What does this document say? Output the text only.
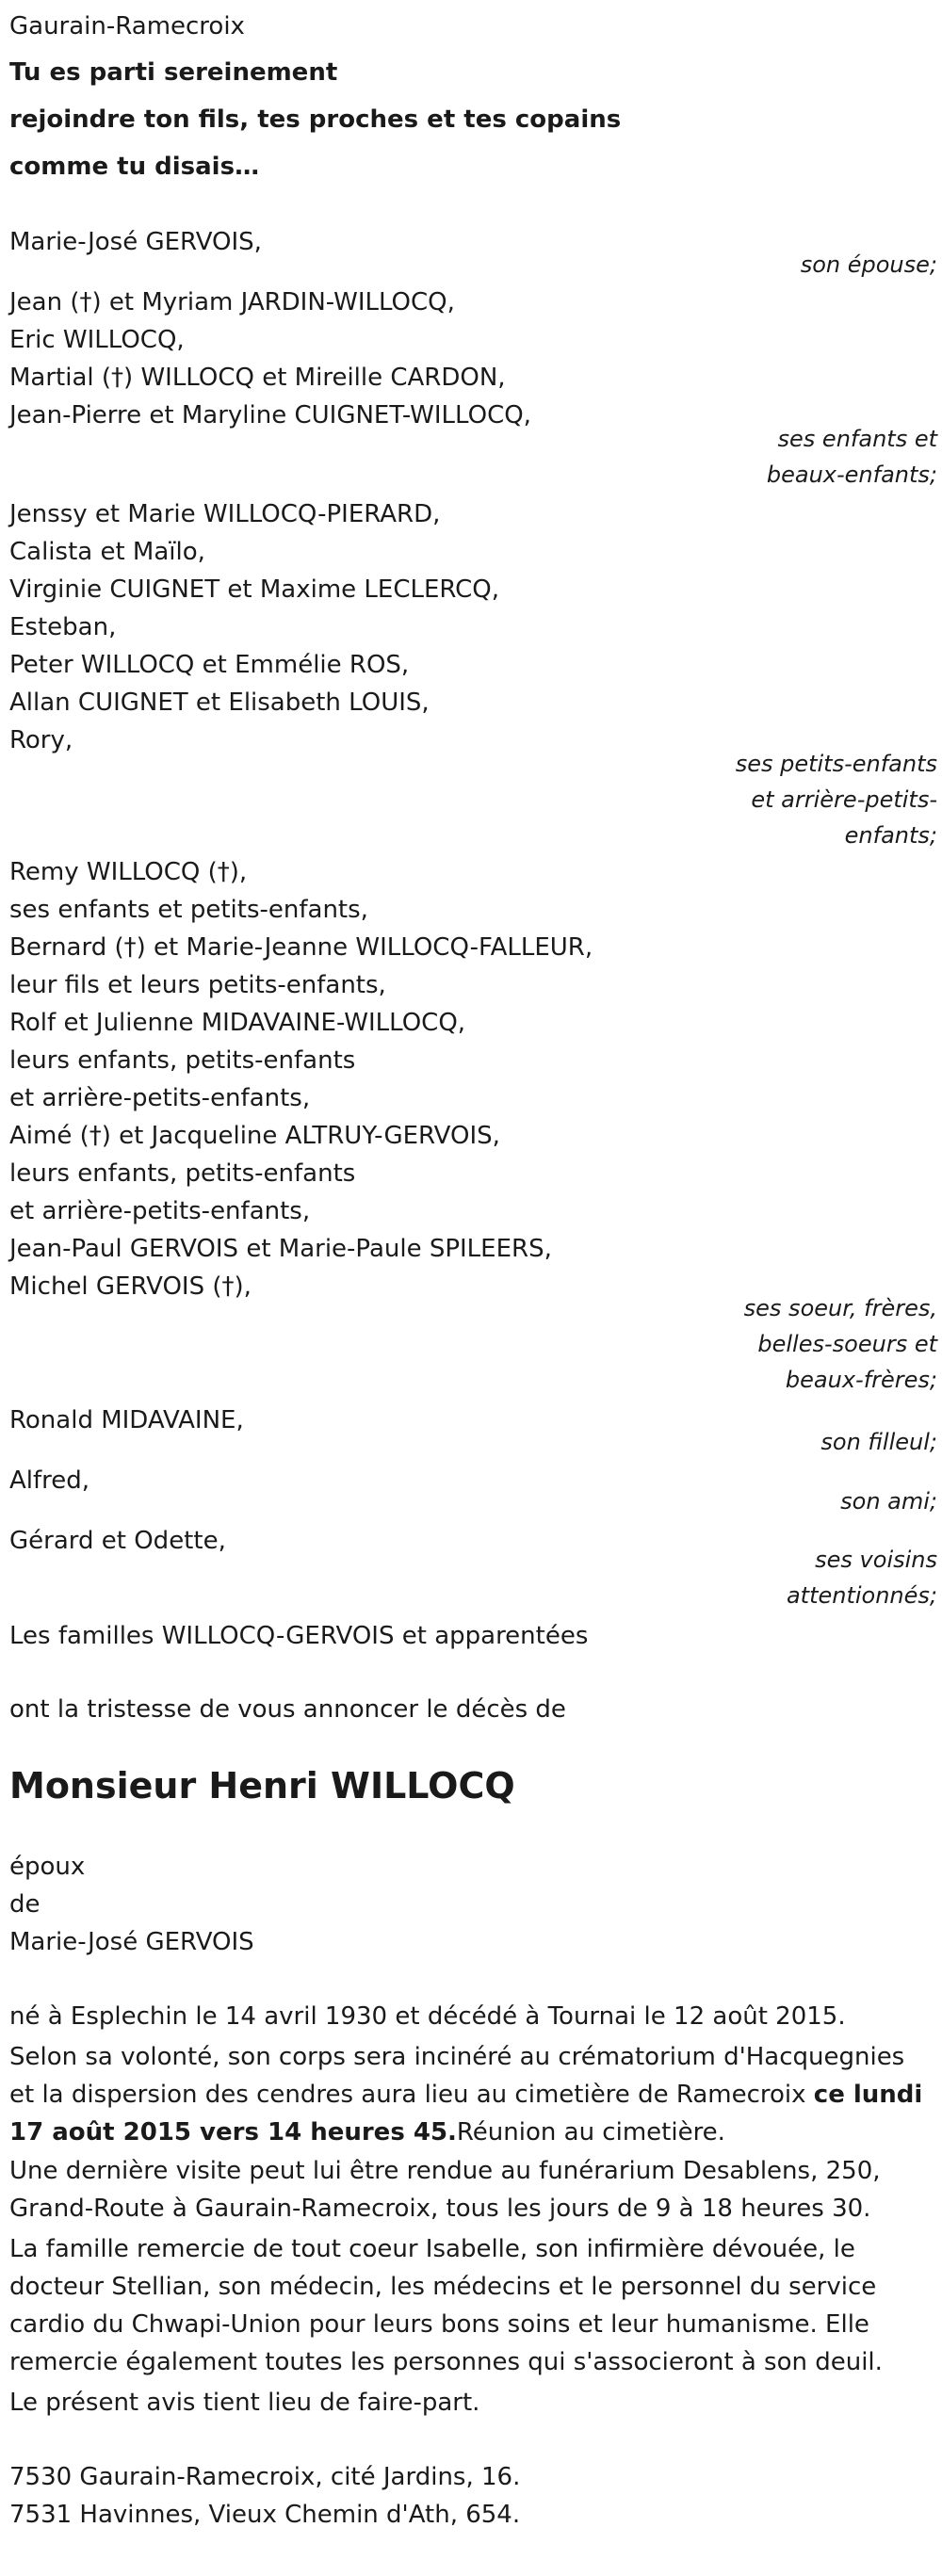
Gaurain-Ramecroix
Tu es parti sereinement
rejoindre ton fils, tes proches et tes copains
comme tu disais…
Marie-José GERVOIS,
son épouse;
Jean (†) et Myriam JARDIN-WILLOCQ,
Eric WILLOCQ,
Martial (†) WILLOCQ et Mireille CARDON,
Jean-Pierre et Maryline CUIGNET-WILLOCQ,
ses enfants et
beaux-enfants;
Jenssy et Marie WILLOCQ-PIERARD,
Calista et Maïlo,
Virginie CUIGNET et Maxime LECLERCQ,
Esteban,
Peter WILLOCQ et Emmélie ROS,
Allan CUIGNET et Elisabeth LOUIS,
Rory,
ses petits-enfants
et arrière-petits-
enfants;
Remy WILLOCQ (†),
ses enfants et petits-enfants,
Bernard (†) et Marie-Jeanne WILLOCQ-FALLEUR,
leur fils et leurs petits-enfants,
Rolf et Julienne MIDAVAINE-WILLOCQ,
leurs enfants, petits-enfants
et arrière-petits-enfants,
Aimé (†) et Jacqueline ALTRUY-GERVOIS,
leurs enfants, petits-enfants
et arrière-petits-enfants,
Jean-Paul GERVOIS et Marie-Paule SPILEERS,
Michel GERVOIS (†),
ses soeur, frères,
belles-soeurs et
beaux-frères;
Ronald MIDAVAINE,
son filleul;
Alfred,
son ami;
Gérard et Odette,
ses voisins
attentionnés;
Les familles WILLOCQ-GERVOIS et apparentées
ont la tristesse de vous annoncer le décès de
Monsieur Henri WILLOCQ
époux
de
Marie-José GERVOIS
né à Esplechin le 14 avril 1930 et décédé à Tournai le 12 août 2015.
Selon sa volonté, son corps sera incinéré au crématorium d'Hacquegnies
et la dispersion des cendres aura lieu au cimetière de Ramecroix ce lundi
17 août 2015 vers 14 heures 45.Réunion au cimetière.
Une dernière visite peut lui être rendue au funérarium Desablens, 250, Grand-Route à Gaurain-Ramecroix, tous les jours de 9 à 18 heures 30.
La famille remercie de tout coeur Isabelle, son infirmière dévouée, le docteur Stellian, son médecin, les médecins et le personnel du service cardio du Chwapi-Union pour leurs bons soins et leur humanisme. Elle remercie également toutes les personnes qui s'associeront à son deuil.
Le présent avis tient lieu de faire-part.
7530 Gaurain-Ramecroix, cité Jardins, 16.
7531 Havinnes, Vieux Chemin d'Ath, 654.
